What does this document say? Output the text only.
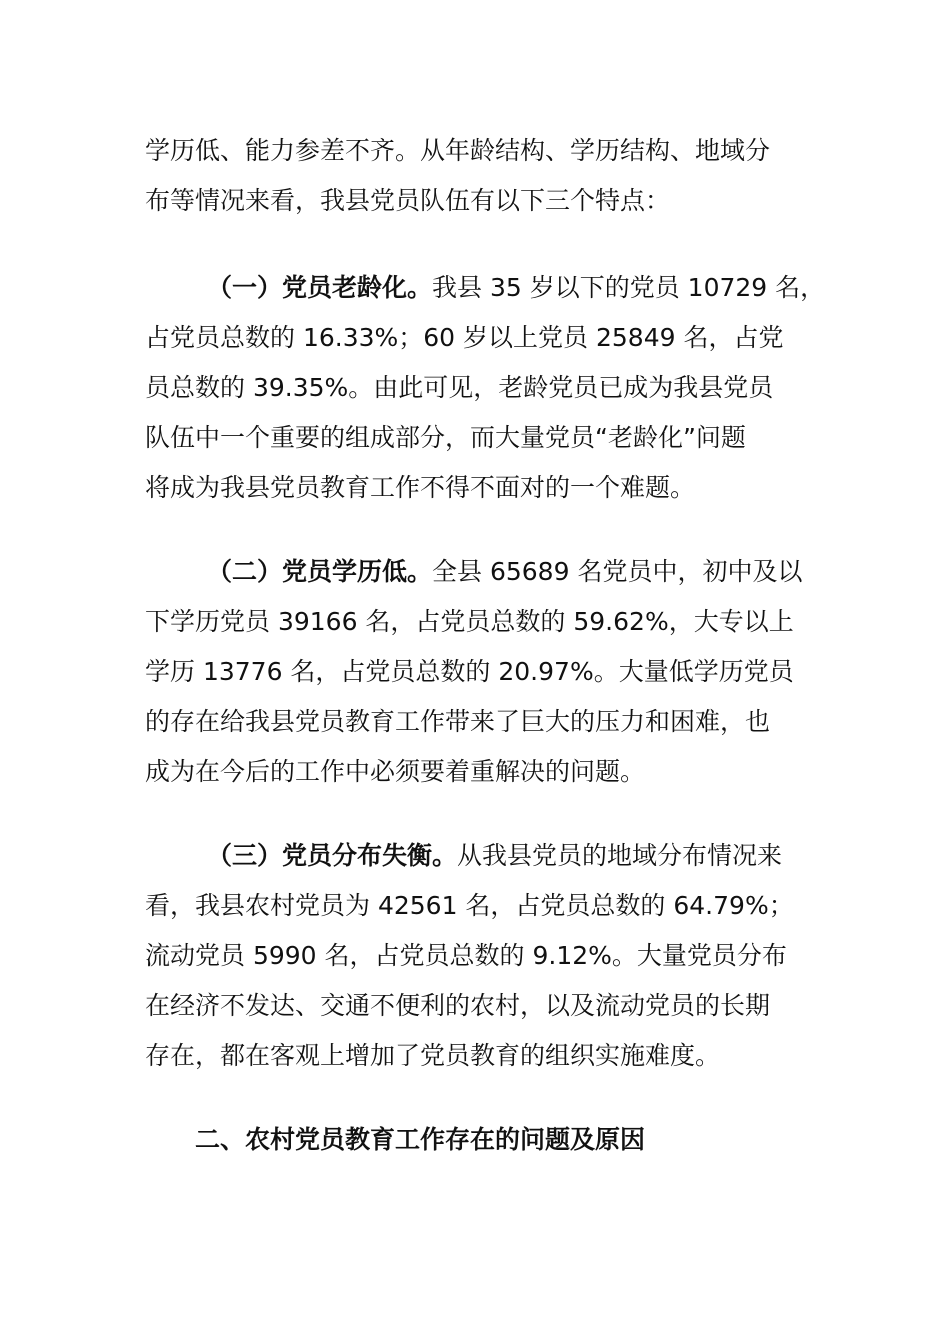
学历低、能力参差不齐。从年龄结构、学历结构、地域分
布等情况来看，我县党员队伍有以下三个特点：

（一）党员老龄化。我县 35 岁以下的党员 10729 名，
占党员总数的 16.33%；60 岁以上党员 25849 名，占党
员总数的 39.35%。由此可见，老龄党员已成为我县党员
队伍中一个重要的组成部分，而大量党员“老龄化”问题
将成为我县党员教育工作不得不面对的一个难题。

（二）党员学历低。全县 65689 名党员中，初中及以
下学历党员 39166 名，占党员总数的 59.62%，大专以上
学历 13776 名，占党员总数的 20.97%。大量低学历党员
的存在给我县党员教育工作带来了巨大的压力和困难，也
成为在今后的工作中必须要着重解决的问题。

（三）党员分布失衡。从我县党员的地域分布情况来
看，我县农村党员为 42561 名，占党员总数的 64.79%；
流动党员 5990 名，占党员总数的 9.12%。大量党员分布
在经济不发达、交通不便利的农村，以及流动党员的长期
存在，都在客观上增加了党员教育的组织实施难度。

二、农村党员教育工作存在的问题及原因
